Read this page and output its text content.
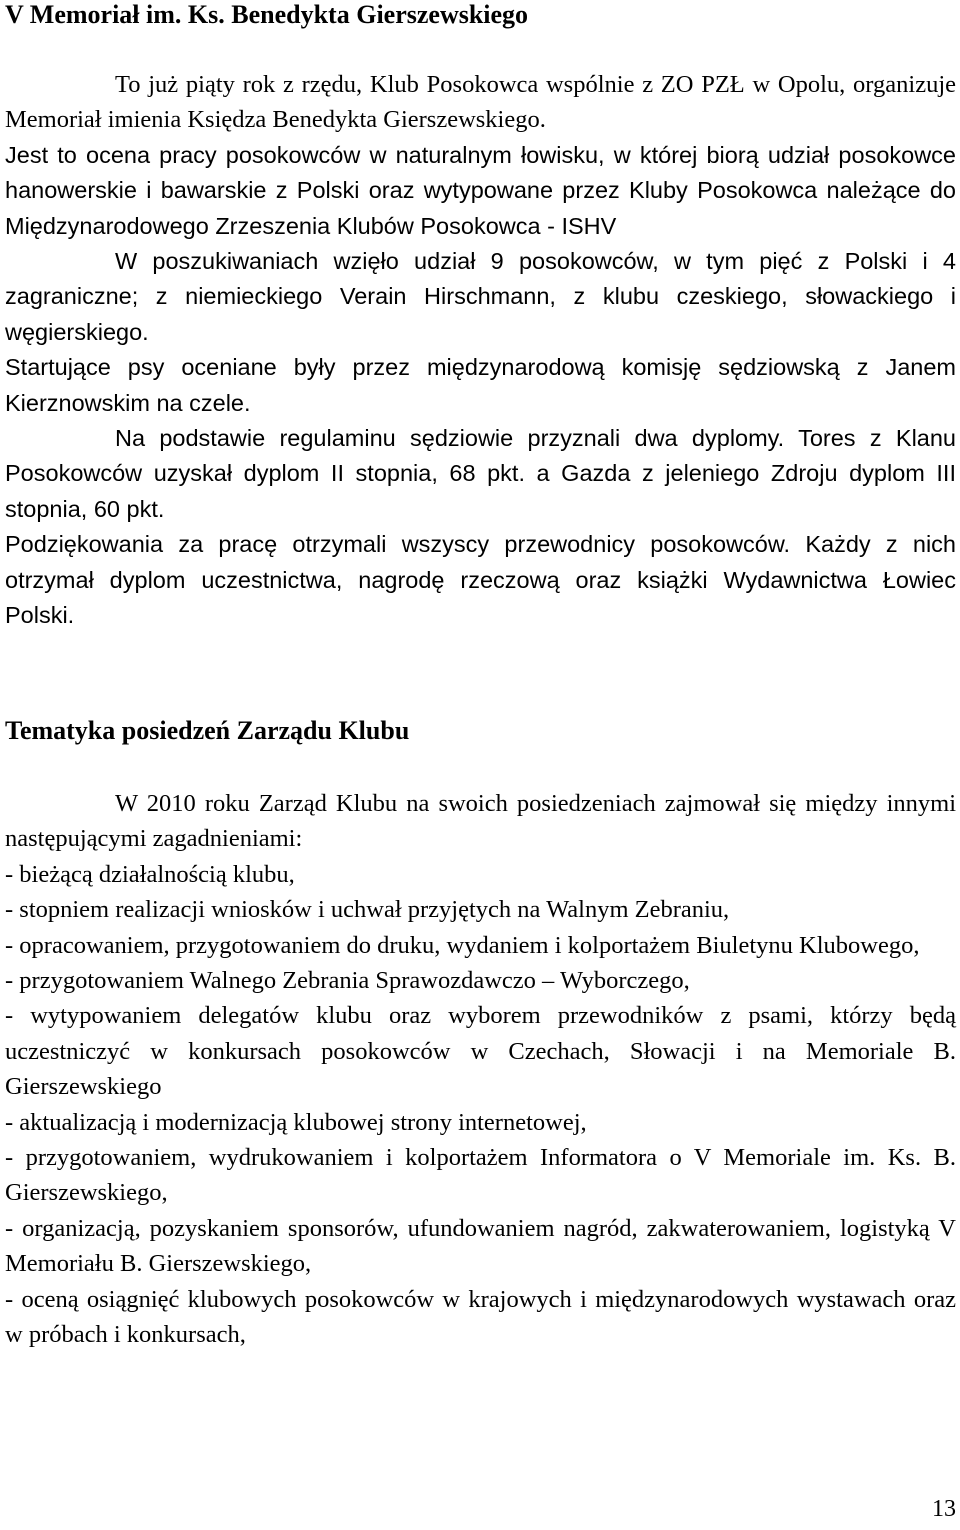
V Memoriał im. Ks. Benedykta Gierszewskiego

To już piąty rok z rzędu, Klub Posokowca wspólnie z ZO PZŁ w Opolu, organizuje Memoriał imienia Księdza Benedykta Gierszewskiego.

Jest to ocena pracy posokowców w naturalnym łowisku, w której biorą udział posokowce hanowerskie i bawarskie z Polski oraz wytypowane przez Kluby Posokowca należące do Międzynarodowego Zrzeszenia Klubów Posokowca - ISHV

W poszukiwaniach wzięło udział 9 posokowców, w tym pięć z Polski i 4 zagraniczne; z niemieckiego Verain Hirschmann, z klubu czeskiego, słowackiego i węgierskiego.

Startujące psy oceniane były przez międzynarodową komisję sędziowską z Janem Kierznowskim na czele.

Na podstawie regulaminu sędziowie przyznali dwa dyplomy. Tores z Klanu Posokowców uzyskał dyplom II stopnia, 68 pkt. a Gazda z jeleniego Zdroju dyplom III stopnia, 60 pkt.

Podziękowania za pracę otrzymali wszyscy przewodnicy posokowców. Każdy z nich otrzymał dyplom uczestnictwa, nagrodę rzeczową oraz książki Wydawnictwa Łowiec Polski.

Tematyka posiedzeń Zarządu Klubu

W 2010 roku Zarząd Klubu na swoich posiedzeniach zajmował się między innymi następującymi zagadnieniami:

- bieżącą działalnością klubu,

- stopniem realizacji wniosków i uchwał przyjętych na Walnym Zebraniu,

- opracowaniem, przygotowaniem do druku, wydaniem i kolportażem Biuletynu Klubowego,

- przygotowaniem Walnego Zebrania Sprawozdawczo – Wyborczego,

- wytypowaniem delegatów klubu oraz wyborem przewodników z psami, którzy będą uczestniczyć w konkursach posokowców w Czechach, Słowacji i na Memoriale B. Gierszewskiego

- aktualizacją i modernizacją klubowej strony internetowej,

- przygotowaniem, wydrukowaniem i kolportażem Informatora o V Memoriale im. Ks. B. Gierszewskiego,

- organizacją, pozyskaniem sponsorów, ufundowaniem nagród, zakwaterowaniem, logistyką V Memoriału B. Gierszewskiego,

- oceną osiągnięć klubowych posokowców w krajowych i międzynarodowych wystawach oraz w próbach i konkursach,

13
